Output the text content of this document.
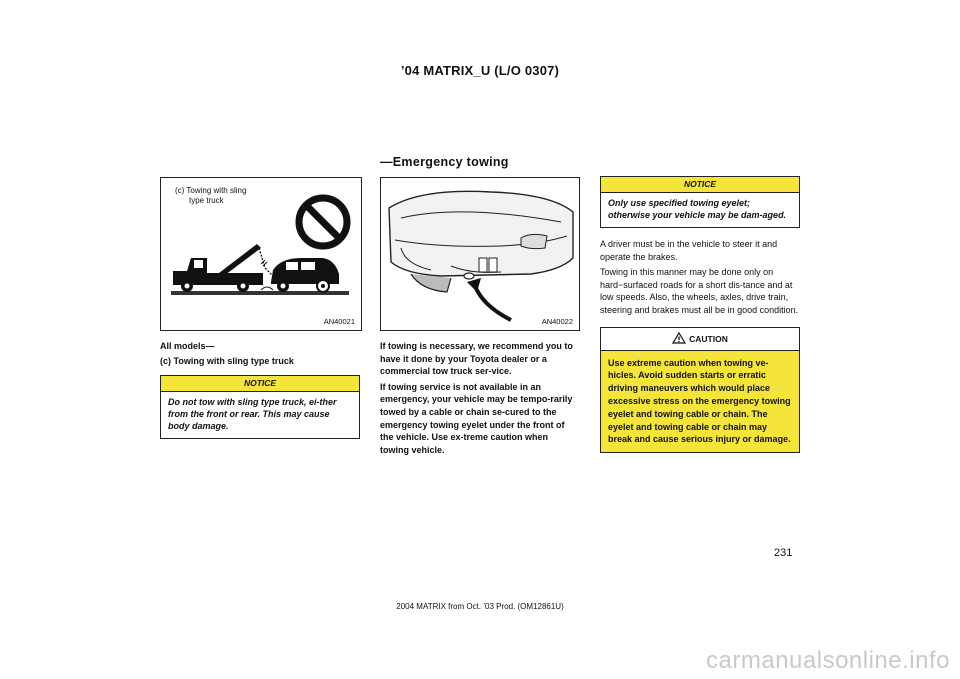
’04 MATRIX_U (L/O 0307)
—Emergency towing
(c) Towing with sling
type truck
AN40021	AN40022

All models—

(c) Towing with sling type truck

NOTICE
Do not tow with sling type truck, ei-ther from the front or rear. This may cause body damage.

If towing is necessary, we recommend you to have it done by your Toyota dealer or a commercial tow truck ser-vice.

If towing service is not available in an emergency, your vehicle may be tempo-rarily towed by a cable or chain se-cured to the emergency towing eyelet under the front of the vehicle. Use ex-treme caution when towing vehicle.

NOTICE
Only use specified towing eyelet; otherwise your vehicle may be dam-aged.

A driver must be in the vehicle to steer it and operate the brakes.

Towing in this manner may be done only on hard−surfaced roads for a short dis-tance and at low speeds. Also, the wheels, axles, drive train, steering and brakes must all be in good condition.

CAUTION
Use extreme caution when towing ve-hicles. Avoid sudden starts or erratic driving maneuvers which would place excessive stress on the emergency towing eyelet and towing cable or chain. The eyelet and towing cable or chain may break and cause serious injury or damage.
231
2004 MATRIX from Oct. ’03 Prod. (OM12861U)
carmanualsonline.info
